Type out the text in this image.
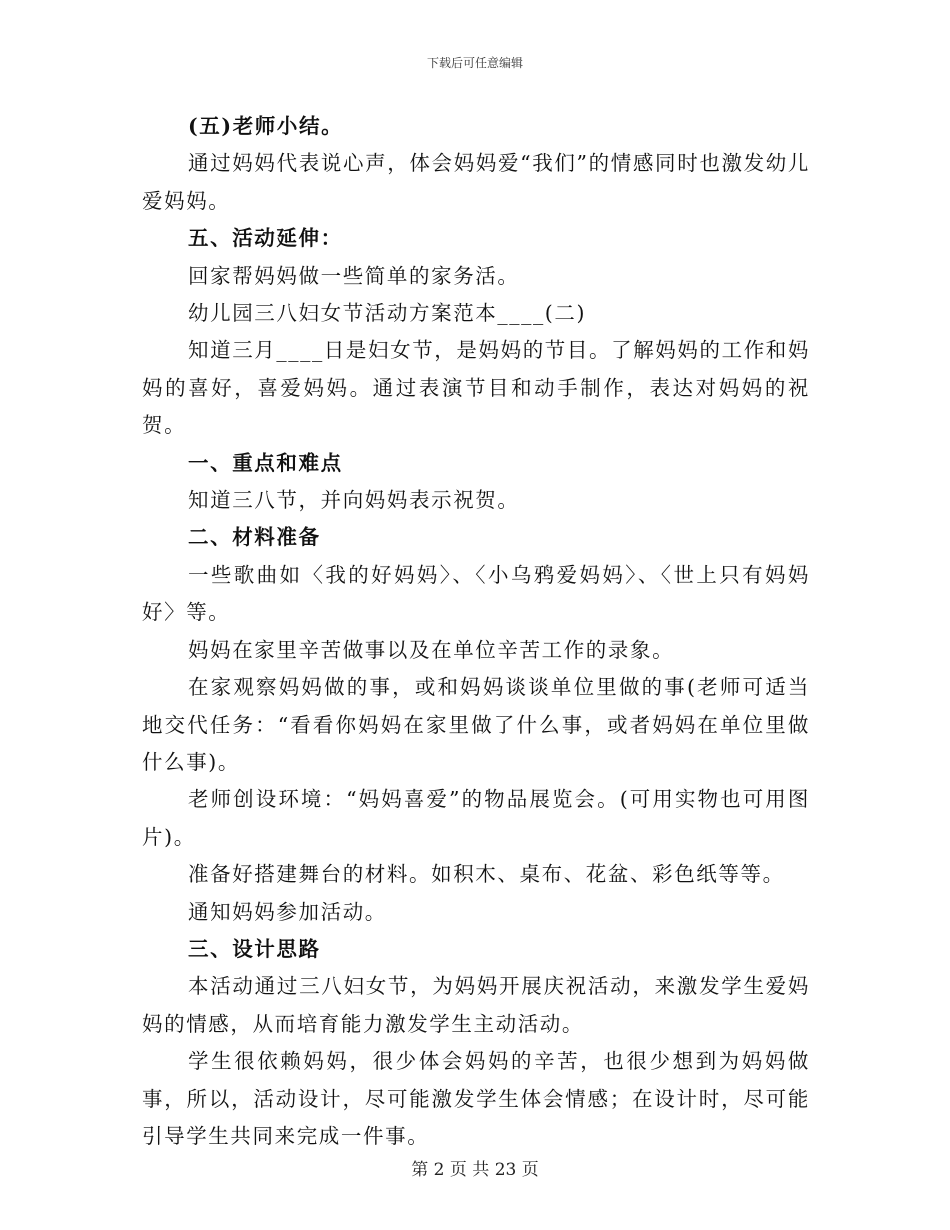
下载后可任意编辑

(五)老师小结。

通过妈妈代表说心声，体会妈妈爱“我们”的情感同时也激发幼儿爱妈妈。

五、活动延伸：

回家帮妈妈做一些简单的家务活。

幼儿园三八妇女节活动方案范本____(二)

知道三月____日是妇女节，是妈妈的节目。了解妈妈的工作和妈妈的喜好，喜爱妈妈。通过表演节目和动手制作，表达对妈妈的祝贺。

一、重点和难点

知道三八节，并向妈妈表示祝贺。

二、材料准备

一些歌曲如〈我的好妈妈〉、〈小乌鸦爱妈妈〉、〈世上只有妈妈好〉等。

妈妈在家里辛苦做事以及在单位辛苦工作的录象。

在家观察妈妈做的事，或和妈妈谈谈单位里做的事(老师可适当地交代任务：“看看你妈妈在家里做了什么事，或者妈妈在单位里做什么事)。

老师创设环境：“妈妈喜爱”的物品展览会。(可用实物也可用图片)。

准备好搭建舞台的材料。如积木、桌布、花盆、彩色纸等等。

通知妈妈参加活动。

三、设计思路

本活动通过三八妇女节，为妈妈开展庆祝活动，来激发学生爱妈妈的情感，从而培育能力激发学生主动活动。

学生很依赖妈妈，很少体会妈妈的辛苦，也很少想到为妈妈做事，所以，活动设计，尽可能激发学生体会情感；在设计时，尽可能引导学生共同来完成一件事。

第 2 页 共 23 页
